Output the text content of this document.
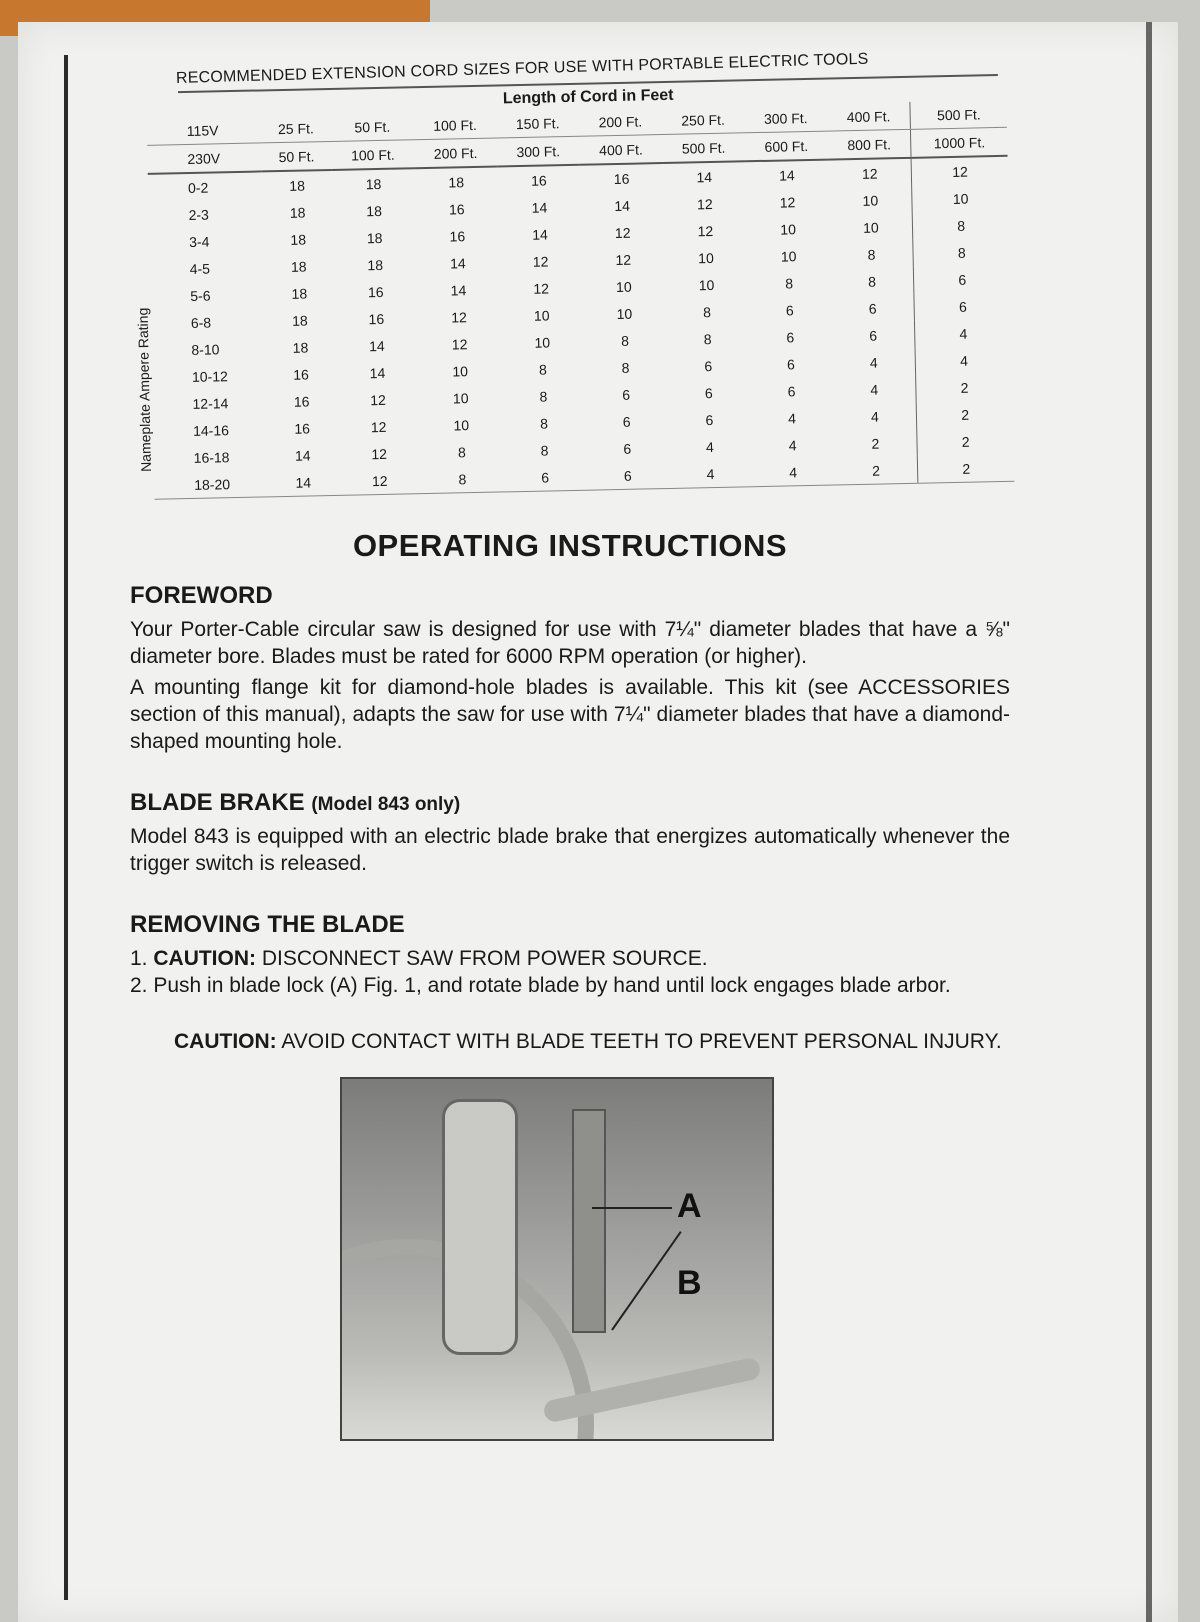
RECOMMENDED EXTENSION CORD SIZES FOR USE WITH PORTABLE ELECTRIC TOOLS
Nameplate Ampere Rating
Length of Cord in Feet
115V	25 Ft.	50 Ft.	100 Ft.	150 Ft.	200 Ft.	250 Ft.	300 Ft.	400 Ft.	500 Ft.
230V	50 Ft.	100 Ft.	200 Ft.	300 Ft.	400 Ft.	500 Ft.	600 Ft.	800 Ft.	1000 Ft.
0-2	18	18	18	16	16	14	14	12	12
2-3	18	18	16	14	14	12	12	10	10
3-4	18	18	16	14	12	12	10	10	8
4-5	18	18	14	12	12	10	10	8	8
5-6	18	16	14	12	10	10	8	8	6
6-8	18	16	12	10	10	8	6	6	6
8-10	18	14	12	10	8	8	6	6	4
10-12	16	14	10	8	8	6	6	4	4
12-14	16	12	10	8	6	6	6	4	2
14-16	16	12	10	8	6	6	4	4	2
16-18	14	12	8	8	6	4	4	2	2
18-20	14	12	8	6	6	4	4	2	2
OPERATING INSTRUCTIONS
FOREWORD

Your Porter-Cable circular saw is designed for use with 7¼" diameter blades that have a ⅝" diameter bore. Blades must be rated for 6000 RPM operation (or higher).

A mounting flange kit for diamond-hole blades is available. This kit (see ACCESSORIES section of this manual), adapts the saw for use with 7¼" diameter blades that have a diamond-shaped mounting hole.

BLADE BRAKE (Model 843 only)

Model 843 is equipped with an electric blade brake that energizes automatically whenever the trigger switch is released.

REMOVING THE BLADE

1. CAUTION: DISCONNECT SAW FROM POWER SOURCE.

2. Push in blade lock (A) Fig. 1, and rotate blade by hand until lock engages blade arbor.

CAUTION: AVOID CONTACT WITH BLADE TEETH TO PREVENT PERSONAL INJURY.
A
B
